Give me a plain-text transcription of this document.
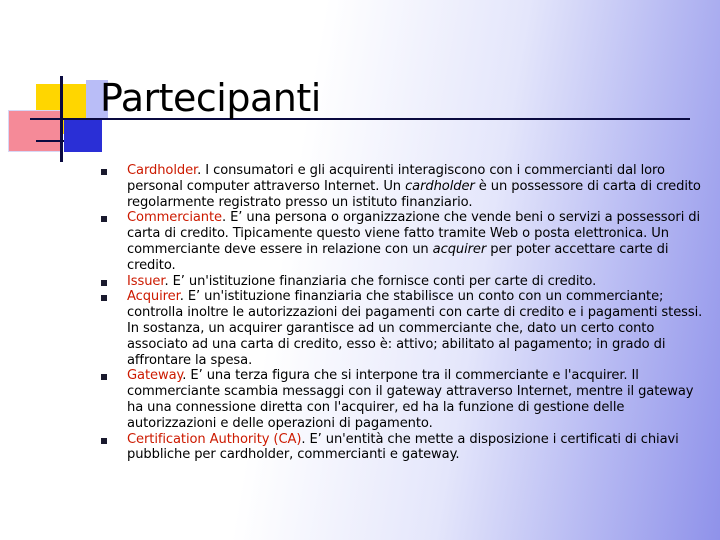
Partecipanti
Cardholder. I consumatori e gli acquirenti interagiscono con i commercianti dal loro personal computer attraverso Internet. Un cardholder è un possessore di carta di credito regolarmente registrato presso un istituto finanziario.
Commerciante. E’ una persona o organizzazione che vende beni o servizi a possessori di carta di credito. Tipicamente questo viene fatto tramite Web o posta elettronica. Un commerciante deve essere in relazione con un acquirer per poter accettare carte di credito.
Issuer. E’ un'istituzione finanziaria che fornisce conti per carte di credito.
Acquirer. E’ un'istituzione finanziaria che stabilisce un conto con un commerciante; controlla inoltre le autorizzazioni dei pagamenti con carte di credito e i pagamenti stessi. In sostanza, un acquirer garantisce ad un commerciante che, dato un certo conto associato ad una carta di credito, esso è: attivo; abilitato al pagamento; in grado di affrontare la spesa.
Gateway. E’ una terza figura che si interpone tra il commerciante e l'acquirer. Il commerciante scambia messaggi con il gateway attraverso Internet, mentre il gateway ha una connessione diretta con l'acquirer, ed ha la funzione di gestione delle autorizzazioni e delle operazioni di pagamento.
Certification Authority (CA). E’ un'entità che mette a disposizione i certificati di chiavi pubbliche per cardholder, commercianti e gateway.
